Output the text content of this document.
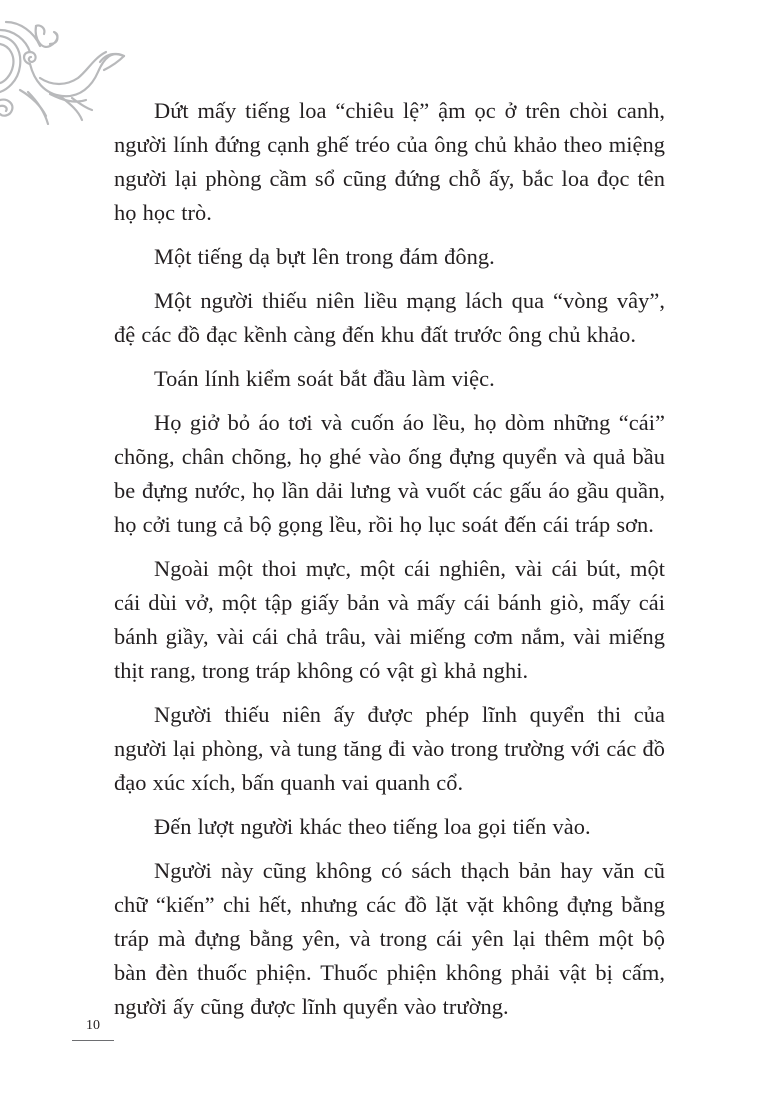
Dứt mấy tiếng loa “chiêu lệ” ậm ọc ở trên chòi canh, người lính đứng cạnh ghế tréo của ông chủ khảo theo miệng người lại phòng cầm sổ cũng đứng chỗ ấy, bắc loa đọc tên họ học trò.

Một tiếng dạ bựt lên trong đám đông.

Một người thiếu niên liều mạng lách qua “vòng vây”, đệ các đồ đạc kềnh càng đến khu đất trước ông chủ khảo.

Toán lính kiểm soát bắt đầu làm việc.

Họ giở bỏ áo tơi và cuốn áo lều, họ dòm những “cái” chõng, chân chõng, họ ghé vào ống đựng quyển và quả bầu be đựng nước, họ lần dải lưng và vuốt các gấu áo gầu quần, họ cởi tung cả bộ gọng lều, rồi họ lục soát đến cái tráp sơn.

Ngoài một thoi mực, một cái nghiên, vài cái bút, một cái dùi vở, một tập giấy bản và mấy cái bánh giò, mấy cái bánh giầy, vài cái chả trâu, vài miếng cơm nắm, vài miếng thịt rang, trong tráp không có vật gì khả nghi.

Người thiếu niên ấy được phép lĩnh quyển thi của người lại phòng, và tung tăng đi vào trong trường với các đồ đạo xúc xích, bấn quanh vai quanh cổ.

Đến lượt người khác theo tiếng loa gọi tiến vào.

Người này cũng không có sách thạch bản hay văn cũ chữ “kiến” chi hết, nhưng các đồ lặt vặt không đựng bằng tráp mà đựng bằng yên, và trong cái yên lại thêm một bộ bàn đèn thuốc phiện. Thuốc phiện không phải vật bị cấm, người ấy cũng được lĩnh quyển vào trường.

10
